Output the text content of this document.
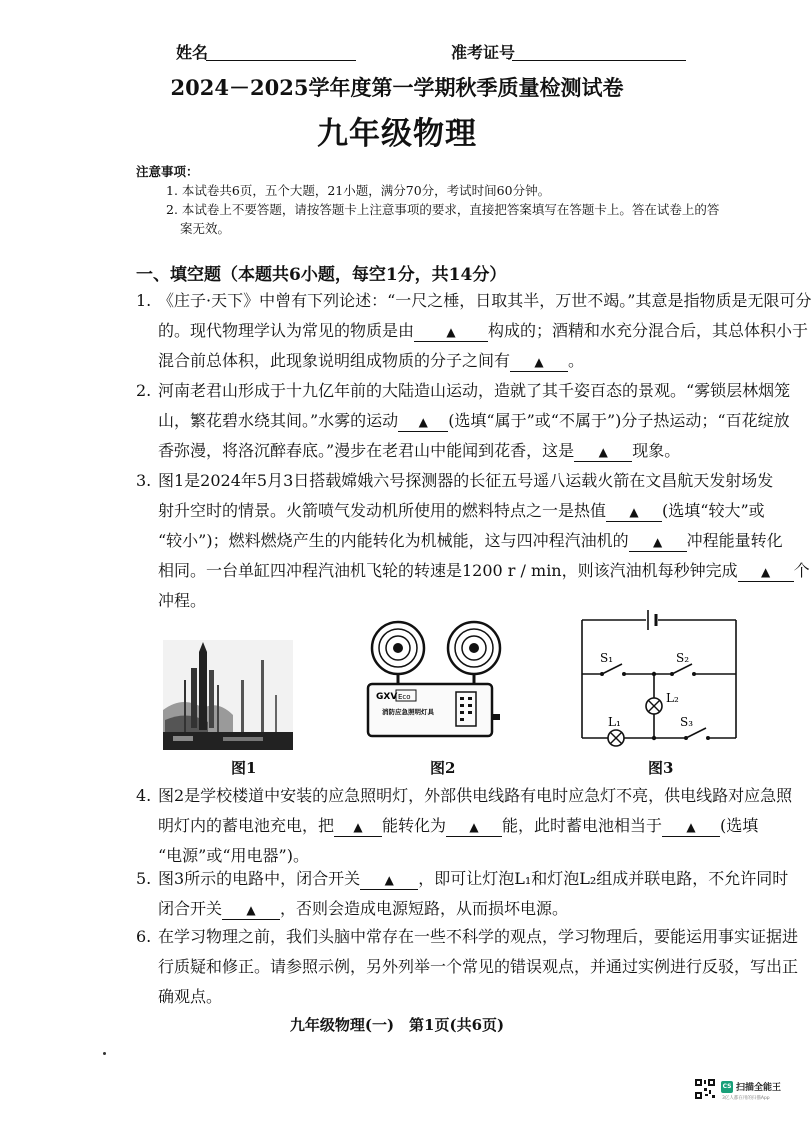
姓名	准考证号
2024－2025学年度第一学期秋季质量检测试卷
九年级物理
注意事项：
1. 本试卷共6页，五个大题，21小题，满分70分，考试时间60分钟。
2. 本试卷上不要答题，请按答题卡上注意事项的要求，直接把答案填写在答题卡上。答在试卷上的答
案无效。
一、填空题（本题共6小题，每空1分，共14分）
1. 《庄子·天下》中曾有下列论述：“一尺之棰，日取其半，万世不竭。”其意是指物质是无限可分
的。现代物理学认为常见的物质是由	▲ 构成的；酒精和水充分混合后，其总体积小于
混合前总体积，此现象说明组成物质的分子之间有 ▲ 。
2. 河南老君山形成于十九亿年前的大陆造山运动，造就了其千姿百态的景观。“雾锁层林烟笼
山，繁花碧水绕其间。”水雾的运动 ▲ (选填“属于”或“不属于”)分子热运动；“百花绽放
香弥漫，将洛沉醉春底。”漫步在老君山中能闻到花香，这是 ▲ 现象。
3. 图1是2024年5月3日搭载嫦娥六号探测器的长征五号遥八运载火箭在文昌航天发射场发
射升空时的情景。火箭喷气发动机所使用的燃料特点之一是热值 ▲ (选填“较大”或
“较小”)；燃料燃烧产生的内能转化为机械能，这与四冲程汽油机的 ▲ 冲程能量转化
相同。一台单缸四冲程汽油机飞轮的转速是1200 r / min，则该汽油机每秒钟完成 ▲ 个
冲程。
图1
GXV Eco
消防应急照明灯具
图2
S₁	S₂
L₂
L₁	S₃
图3
4. 图2是学校楼道中安装的应急照明灯，外部供电线路有电时应急灯不亮，供电线路对应急照
明灯内的蓄电池充电，把 ▲ 能转化为 ▲ 能，此时蓄电池相当于 ▲ (选填
“电源”或“用电器”)。
5. 图3所示的电路中，闭合开关 ▲ ，即可让灯泡L₁和灯泡L₂组成并联电路，不允许同时
闭合开关 ▲ ，否则会造成电源短路，从而损坏电源。
6. 在学习物理之前，我们头脑中常存在一些不科学的观点，学习物理后，要能运用事实证据进
行质疑和修正。请参照示例，另外列举一个常见的错误观点，并通过实例进行反驳，写出正
确观点。
九年级物理(一)　第1页(共6页)
CS 扫描全能王
3亿人都在用的扫描App
